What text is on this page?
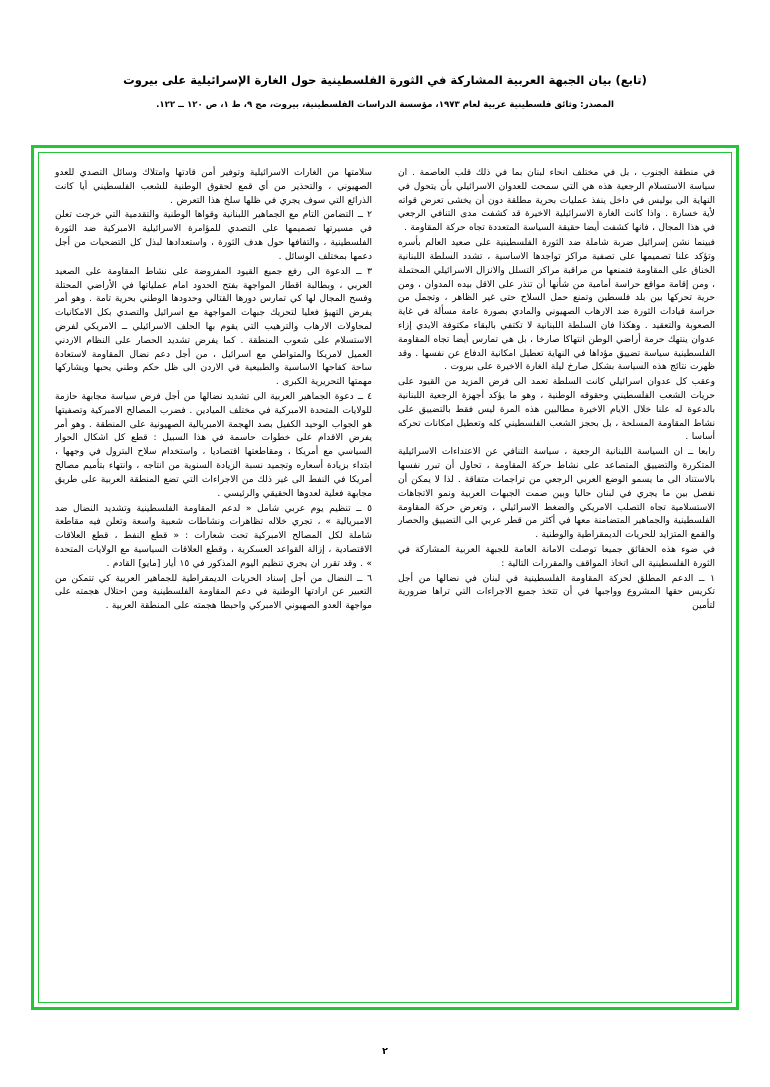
(تابع) بيان الجبهة العربية المشاركة في الثورة الفلسطينية حول الغارة الإسرائيلية على بيروت

المصدر: وثائق فلسطينية عربية لعام ١٩٧٣، مؤسسة الدراسات الفلسطينية، بيروت، مج ٩، ط ١، ص ١٢٠ ــ ١٢٢.

في منطقة الجنوب ، بل في مختلف انحاء لبنان بما في ذلك قلب العاصمة . ان سياسة الاستسلام الرجعية هذه هي التي سمحت للعدوان الاسرائيلي بأن يتحول في النهاية الى بوليس في داخل ينفذ عمليات بحرية مطلقة دون أن يخشى تعرض قواته لأية خسارة . واذا كانت الغارة الاسرائيلية الاخيرة قد كشفت مدى التنافي الرجعي في هذا المجال ، فانها كشفت أيضا حقيقة السياسة المتعددة تجاه حركة المقاومة .

فبينما نشن إسرائيل ضربة شاملة ضد الثورة الفلسطينية على صعيد العالم بأسره وتؤكد علنا تصميمها على تصفية مراكز تواجدها الاساسية ، تشدد السلطة اللبنانية الخناق على المقاومة فتمنعها من مراقبة مراكز التسلل والانزال الاسرائيلي المحتملة ، ومن إقامة مواقع حراسة أمامية من شأنها أن تنذر على الاقل بيده المدوان ، ومن حرية تحركها بين بلد فلسطين وتمنع حمل السلاح حتى غير الظاهر ، وتجمل من حراسة قيادات الثورة ضد الارهاب الصهيوني والمادي بصورة عامة مسألة في غاية الصعوبة والتعقيد . وهكذا فان السلطة اللبنانية لا تكتفي بالبقاء مكتوفة الايدي إزاء عدوان ينتهك حرمة أراضي الوطن انتهاكا صارخا ، بل هي تمارس أيضا تجاه المقاومة الفلسطينية سياسة تضييق مؤداها في النهاية تعطيل امكانية الدفاع عن نفسها . وقد ظهرت نتائج هذه السياسة بشكل صارخ ليلة الغارة الاخيرة على بيروت .

وعقب كل عدوان اسرائيلي كانت السلطة تعمد الى فرض المزيد من القيود على حريات الشعب الفلسطيني وحقوقه الوطنية ، وهو ما يؤكد أجهزة الرجعية اللبنانية بالدعوة له علنا خلال الايام الاخيرة مطالبين هذه المرة ليس فقط بالتضييق على نشاط المقاومة المسلحة ، بل بحجز الشعب الفلسطيني كله وتعطيل امكانات تحركه أساسا .

رابعا ــ ان السياسة اللبنانية الرجعية ، سياسة التنافي عن الاعتداءات الاسرائيلية المتكررة والتضييق المتصاعد على نشاط حركة المقاومة ، تحاول أن تبرر نفسها بالاستناد الى ما يسمو الوضع العربي الرجعي من تراجمات متفاقة . لذا لا يمكن أن نفصل بين ما يجري في لبنان حاليا وبين صمت الجبهات العربية ونمو الاتجاهات الاستسلامية تجاه التصلب الامريكي والضغط الاسرائيلي ، وتعرض حركة المقاومة الفلسطينية والجماهير المتضامنة معها في أكثر من قطر عربي الى التضييق والحصار والقمع المتزايد للحريات الديمقراطية والوطنية .

في ضوء هذه الحقائق جميعا توصلت الامانة العامة للجبهة العربية المشاركة في الثورة الفلسطينية الى اتخاذ المواقف والمقررات التالية :

١ ــ الدعم المطلق لحركة المقاومة الفلسطينية في لبنان في نضالها من أجل تكريس حقها المشروع وواجبها في أن تتخذ جميع الاجراءات التي تراها ضرورية لتأمين

سلامتها من الغارات الاسرائيلية وتوفير أمن قادتها وامتلاك وسائل التصدي للعدو الصهيوني ، والتحذير من أي قمع لحقوق الوطنية للشعب الفلسطيني أيا كانت الذرائع التي سوف يجري في ظلها سلخ هذا التعرض .

٢ ــ التضامن التام مع الجماهير اللبنانية وقواها الوطنية والتقدمية التي خرجت تعلن في مسيرتها تصميمها على التصدي للمؤامرة الاسرائيلية الامبركية ضد الثورة الفلسطينية ، والتفافها حول هدف الثورة ، واستعدادها لبذل كل التضحيات من أجل دعمها بمختلف الوسائل .

٣ ــ الدعوة الى رفع جميع القيود المفروضة على نشاط المقاومة على الصعيد العربي ، وبطالبة اقطار المواجهة بفتح الحدود امام عملياتها في الأراضي المحتلة وفسح المجال لها كي تمارس دورها القتالي وحدودها الوطني بحرية تامة . وهو أمر يفرض التهيؤ فعليا لتحريك جبهات المواجهة مع اسرائيل والتصدي بكل الامكانيات لمحاولات الارهاب والترهيب التي يقوم بها الحلف الاسرائيلي ــ الامريكي لفرض الاستسلام على شعوب المنطقة . كما يفرض تشديد الحصار على النظام الاردني العميل لامريكا والمتواطي مع اسرائيل ، من أجل دعم نضال المقاومة لاستعادة ساحة كفاحها الاساسية والطبيعية في الاردن الى ظل حكم وطني يحبها ويشاركها مهمتها التحريرية الكبرى .

٤ ــ دعوة الجماهير العربية الى تشديد نضالها من أجل فرض سياسة مجابهة حازمة للولايات المتحدة الامبركية في مختلف الميادين . فضرب المصالح الامبركية وتصفيتها هو الجواب الوحيد الكفيل بصد الهجمة الامبريالية الصهيونية على المنطقة . وهو أمر يفرض الاقدام على خطوات حاسمة في هذا السبيل : قطع كل اشكال الحوار السياسي مع أمريكا ، ومقاطعتها اقتصاديا ، واستخدام سلاح البترول في وجهها ، ابتداء بزيادة أسعاره وتجميد نسبة الزيادة السنوية من انتاجه ، وانتهاء بتأميم مصالح أمريكا في النفط الى غير ذلك من الاجراءات التي تضع المنطقة العربية على طريق مجابهة فعلية لعدوها الحقيقي والرئيسي .

٥ ــ تنظيم يوم عربي شامل « لدعم المقاومة الفلسطينية وتشديد النضال ضد الامبريالية » ، تجري خلاله تظاهرات ونشاطات شعبية واسعة وتعلن فيه مقاطعة شاملة لكل المصالح الامبركية تحت شعارات : « قطع النفط ، قطع العلاقات الاقتصادية ، إزالة القواعد العسكرية ، وقطع العلاقات السياسية مع الولايات المتحدة » . وقد تقرر ان يجري تنظيم اليوم المذكور في ١٥ أيار [مايو] القادم .

٦ ــ النضال من أجل إسناد الحريات الديمقراطية للجماهير العربية كي تتمكن من التعبير عن ارادتها الوطنية في دعم المقاومة الفلسطينية ومن احتلال هجمته على مواجهة العدو الصهيوني الامبركي واحبطا هجمته على المنطقة العربية .

٢
